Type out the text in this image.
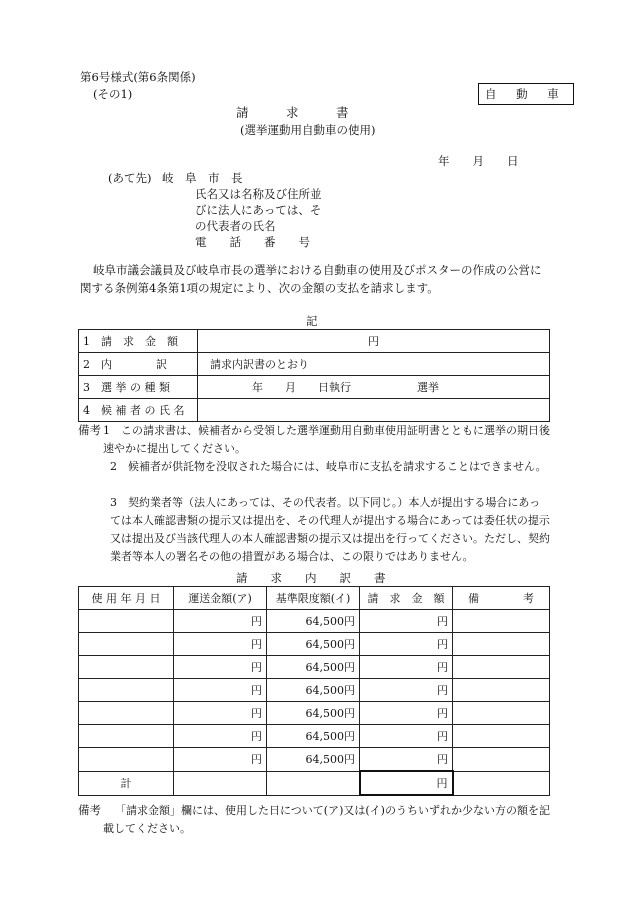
第6号様式(第6条関係)
(その1)	自 動 車
請　　　求　　　書
(選挙運動用自動車の使用)
年　　月　　日
(あて先) 岐　阜　市　長
氏名又は名称及び住所並
びに法人にあっては、そ
の代表者の氏名
電　　話　　番　　号
岐阜市議会議員及び岐阜市長の選挙における自動車の使用及びポスターの作成の公営に
関する条例第4条第1項の規定により、次の金額の支払を請求します。
記
1　請　求　金　額	円
2　内　　　　訳	請求内訳書のとおり
3　選 挙 の 種 類	年　　月　　日執行　　　　　　選挙
4　候 補 者 の 氏 名	
備考 1　この請求書は、候補者から受領した選挙運動用自動車使用証明書とともに選挙の期日後速やかに提出してください。
2　候補者が供託物を没収された場合には、岐阜市に支払を請求することはできません。
3　契約業者等（法人にあっては、その代表者。以下同じ。）本人が提出する場合にあっては本人確認書類の提示又は提出を、その代理人が提出する場合にあっては委任状の提示又は提出及び当該代理人の本人確認書類の提示又は提出を行ってください。ただし、契約業者等本人の署名その他の措置がある場合は、この限りではありません。
請　　求　　内　　訳　　書
使 用 年 月 日	運送金額(ア)	基準限度額(イ)	請　求　金　額	備　　　　考
	円	64,500円	円	
	円	64,500円	円	
	円	64,500円	円	
	円	64,500円	円	
	円	64,500円	円	
	円	64,500円	円	
	円	64,500円	円	
計			円	
備考	「請求金額」欄には、使用した日について(ア)又は(イ)のうちいずれか少ない方の額を記載してください。
